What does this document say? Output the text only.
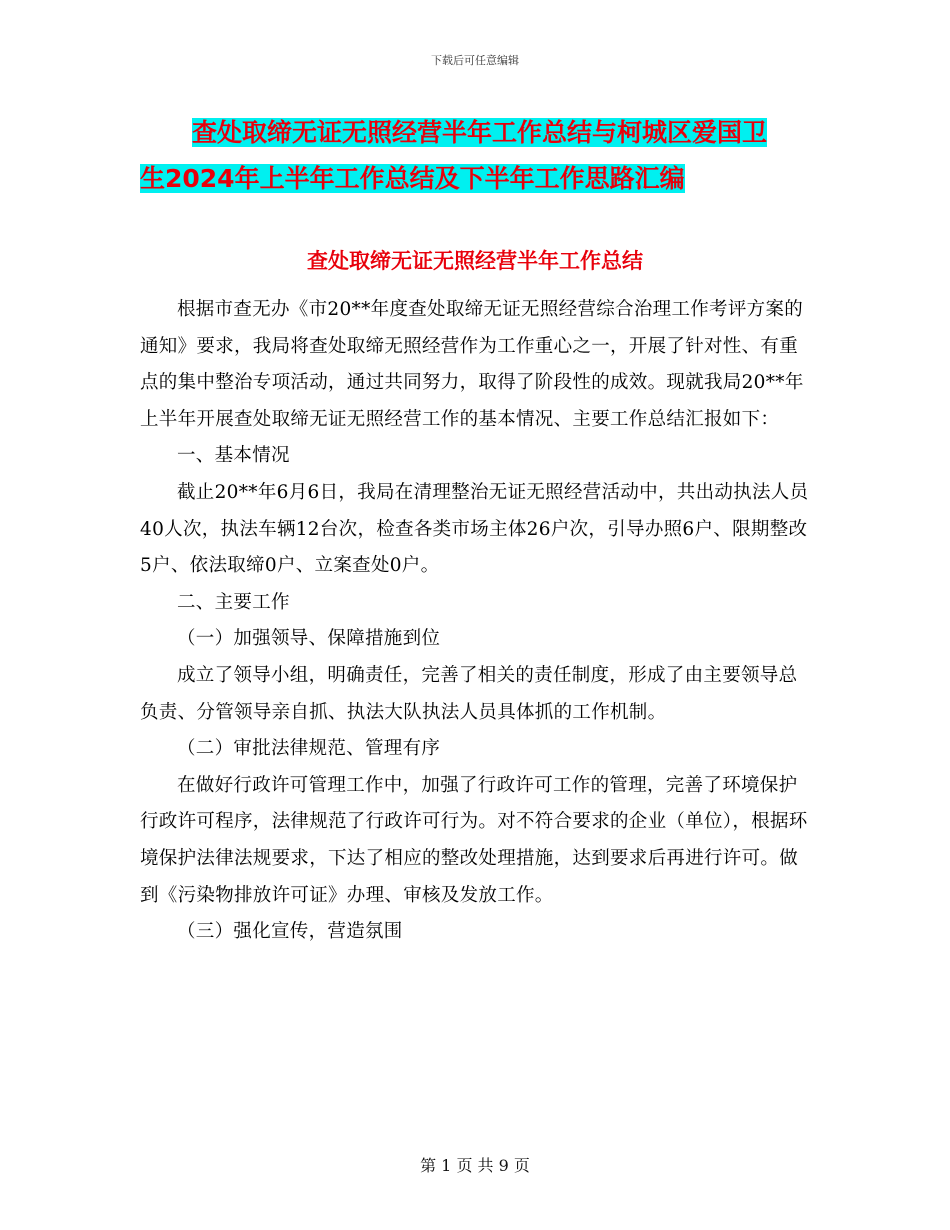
下载后可任意编辑
查处取缔无证无照经营半年工作总结与柯城区爱国卫
生2024年上半年工作总结及下半年工作思路汇编
查处取缔无证无照经营半年工作总结

根据市查无办《市20**年度查处取缔无证无照经营综合治理工作考评方案的通知》要求，我局将查处取缔无照经营作为工作重心之一，开展了针对性、有重点的集中整治专项活动，通过共同努力，取得了阶段性的成效。现就我局20**年上半年开展查处取缔无证无照经营工作的基本情况、主要工作总结汇报如下：

一、基本情况

截止20**年6月6日，我局在清理整治无证无照经营活动中，共出动执法人员40人次，执法车辆12台次，检查各类市场主体26户次，引导办照6户、限期整改5户、依法取缔0户、立案查处0户。

二、主要工作

（一）加强领导、保障措施到位

成立了领导小组，明确责任，完善了相关的责任制度，形成了由主要领导总负责、分管领导亲自抓、执法大队执法人员具体抓的工作机制。

（二）审批法律规范、管理有序

在做好行政许可管理工作中，加强了行政许可工作的管理，完善了环境保护行政许可程序，法律规范了行政许可行为。对不符合要求的企业（单位），根据环境保护法律法规要求，下达了相应的整改处理措施，达到要求后再进行许可。做到《污染物排放许可证》办理、审核及发放工作。

（三）强化宣传，营造氛围

第 1 页 共 9 页
